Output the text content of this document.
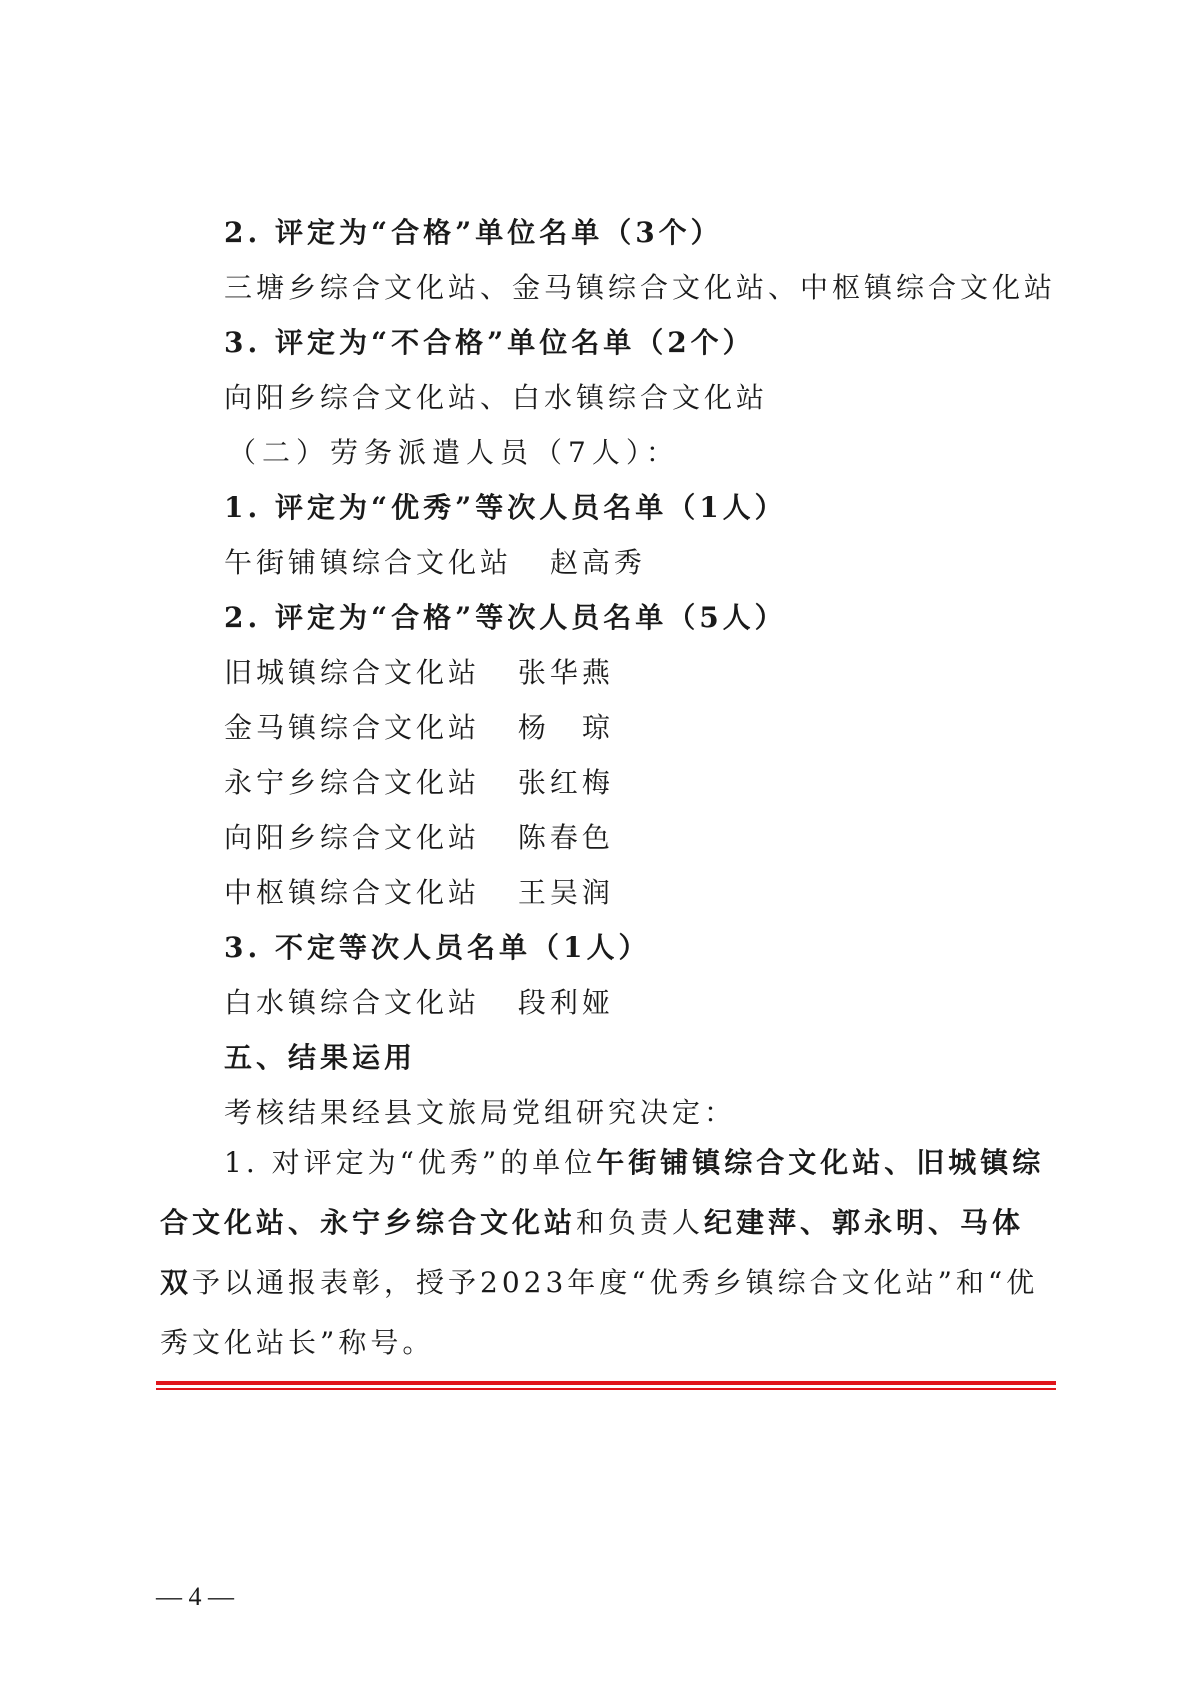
2. 评定为“合格”单位名单（3个）
三塘乡综合文化站、金马镇综合文化站、中枢镇综合文化站
3. 评定为“不合格”单位名单（2个）
向阳乡综合文化站、白水镇综合文化站
（二）劳务派遣人员（7人）：
1. 评定为“优秀”等次人员名单（1人）
午街铺镇综合文化站 赵高秀
2. 评定为“合格”等次人员名单（5人）
旧城镇综合文化站 张华燕
金马镇综合文化站 杨　琼
永宁乡综合文化站 张红梅
向阳乡综合文化站 陈春色
中枢镇综合文化站 王吴润
3. 不定等次人员名单（1人）
白水镇综合文化站 段利娅
五、结果运用
考核结果经县文旅局党组研究决定：
1. 对评定为“优秀”的单位午街铺镇综合文化站、旧城镇综合文化站、永宁乡综合文化站和负责人纪建萍、郭永明、马体双予以通报表彰，授予2023年度“优秀乡镇综合文化站”和“优秀文化站长”称号。
— 4 —
